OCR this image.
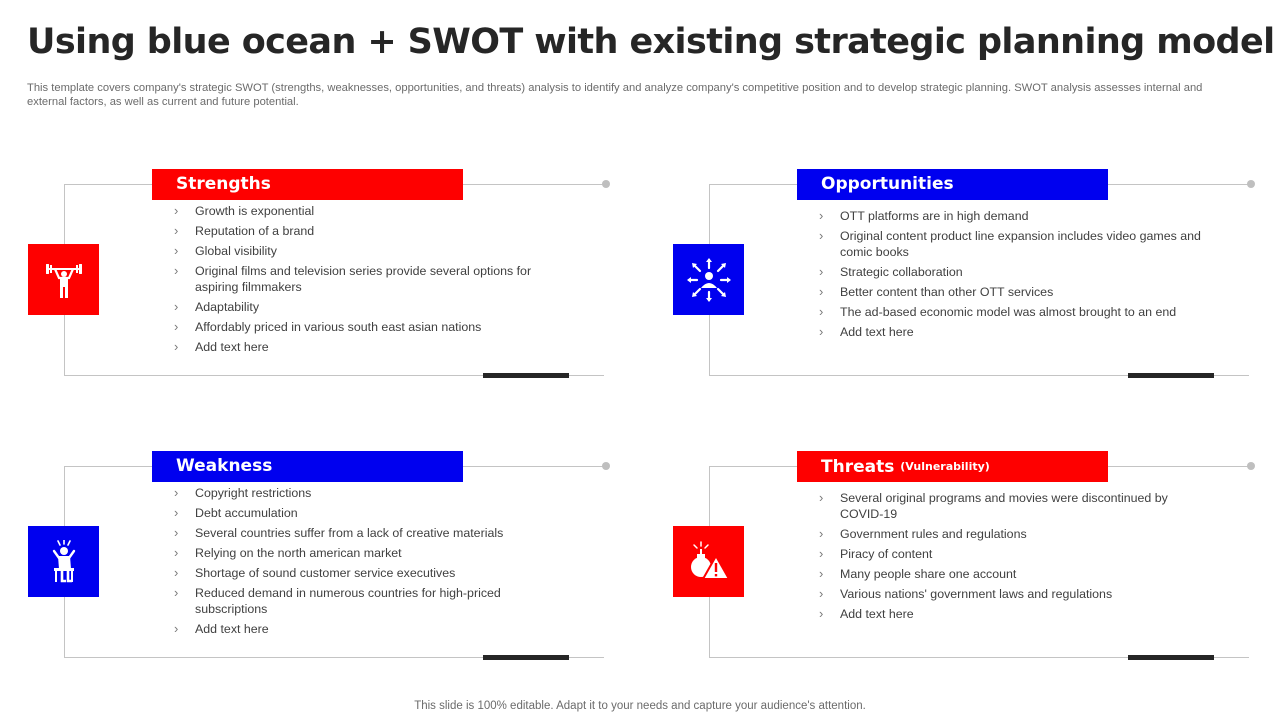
Using blue ocean + SWOT with existing strategic planning model

This template covers company's strategic SWOT (strengths, weaknesses, opportunities, and threats) analysis to identify and analyze company's competitive position and to develop strategic planning. SWOT analysis assesses internal and external factors, as well as current and future potential.

Strengths
› Growth is exponential
› Reputation of a brand
› Global visibility
› Original films and television series provide several options for aspiring filmmakers
› Adaptability
› Affordably priced in various south east asian nations
› Add text here
Opportunities
› OTT platforms are in high demand
› Original content product line expansion includes video games and comic books
› Strategic collaboration
› Better content than other OTT services
› The ad-based economic model was almost brought to an end
› Add text here
Weakness
› Copyright restrictions
› Debt accumulation
› Several countries suffer from a lack of creative materials
› Relying on the north american market
› Shortage of sound customer service executives
› Reduced demand in numerous countries for high-priced subscriptions
› Add text here
Threats (Vulnerability)
› Several original programs and movies were discontinued by COVID-19
› Government rules and regulations
› Piracy of content
› Many people share one account
› Various nations' government laws and regulations
› Add text here

This slide is 100% editable. Adapt it to your needs and capture your audience's attention.
